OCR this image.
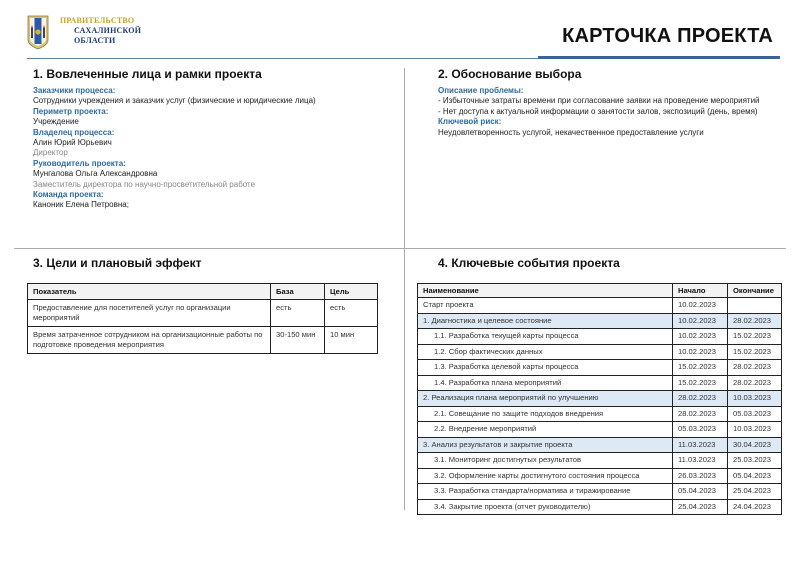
ПРАВИТЕЛЬСТВО
САХАЛИНСКОЙ
ОБЛАСТИ	КАРТОЧКА ПРОЕКТА
1. Вовлеченные лица и рамки проекта
Заказчики процесса:
Сотрудники учреждения и заказчик услуг (физические и юридические лица)
Периметр проекта:
Учреждение
Владелец процесса:
Алин Юрий Юрьевич
Директор
Руководитель проекта:
Мунгалова Ольга Александровна
Заместитель директора по научно-просветительной работе
Команда проекта:
Каноник Елена Петровна;
2. Обоснование выбора
Описание проблемы:
- Избыточные затраты времени при согласование заявки на проведение мероприятий
- Нет доступа к актуальной информации о занятости залов, экспозиций (день, время)
Ключевой риск:
Неудовлетворенность услугой, некачественное предоставление услуги
3. Цели и плановый эффект
Показатель	База	Цель
Предоставление для посетителей услуг по организации мероприятий	есть	есть
Время затраченное сотрудником на организационные работы по подготовке проведения мероприятия	30-150 мин	10 мин
4. Ключевые события проекта
Наименование	Начало	Окончание
Старт проекта	10.02.2023	
1. Диагностика и целевое состояние	10.02.2023	28.02.2023
1.1. Разработка текущей карты процесса	10.02.2023	15.02.2023
1.2. Сбор фактических данных	10.02.2023	15.02.2023
1.3. Разработка целевой карты процесса	15.02.2023	28.02.2023
1.4. Разработка плана мероприятий	15.02.2023	28.02.2023
2. Реализация плана мероприятий по улучшению	28.02.2023	10.03.2023
2.1. Совещание по защите подходов внедрения	28.02.2023	05.03.2023
2.2. Внедрение мероприятий	05.03.2023	10.03.2023
3. Анализ результатов и закрытие проекта	11.03.2023	30.04.2023
3.1. Мониторинг достигнутых результатов	11.03.2023	25.03.2023
3.2. Оформление карты достигнутого состояния процесса	26.03.2023	05.04.2023
3.3. Разработка стандарта/норматива и тиражирование	05.04.2023	25.04.2023
3.4. Закрытие проекта (отчет руководителю)	25.04.2023	24.04.2023
